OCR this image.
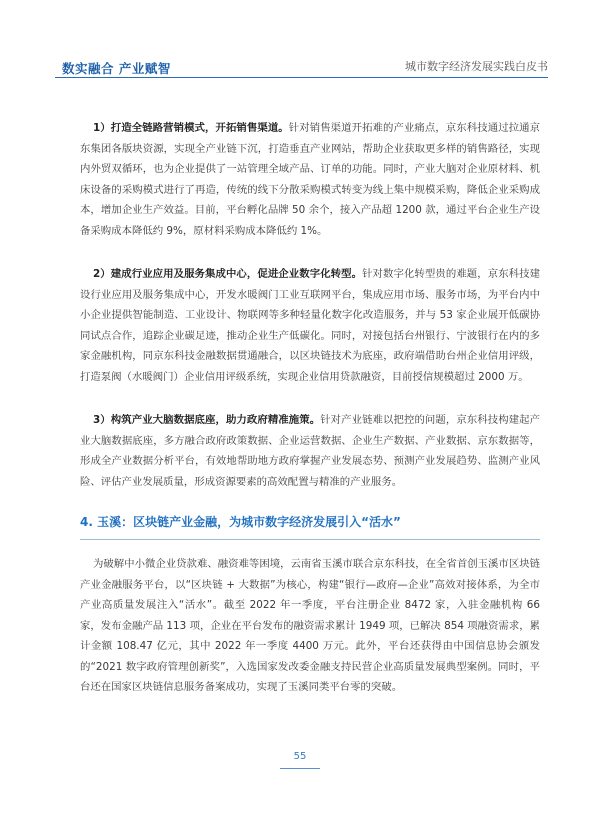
数实融合 产业赋智	城市数字经济发展实践白皮书

1）打造全链路营销模式，开拓销售渠道。针对销售渠道开拓难的产业痛点，京东科技通过拉通京东集团各版块资源，实现全产业链下沉，打造垂直产业网站，帮助企业获取更多样的销售路径，实现内外贸双循环，也为企业提供了一站管理全域产品、订单的功能。同时，产业大脑对企业原材料、机床设备的采购模式进行了再造，传统的线下分散采购模式转变为线上集中规模采购，降低企业采购成本，增加企业生产效益。目前，平台孵化品牌 50 余个，接入产品超 1200 款，通过平台企业生产设备采购成本降低约 9%，原材料采购成本降低约 1%。

2）建成行业应用及服务集成中心，促进企业数字化转型。针对数字化转型贵的难题，京东科技建设行业应用及服务集成中心，开发水暖阀门工业互联网平台，集成应用市场、服务市场，为平台内中小企业提供智能制造、工业设计、物联网等多种轻量化数字化改造服务，并与 53 家企业展开低碳协同试点合作，追踪企业碳足迹，推动企业生产低碳化。同时，对接包括台州银行、宁波银行在内的多家金融机构，同京东科技金融数据贯通融合，以区块链技术为底座，政府端借助台州企业信用评级，打造泵阀（水暖阀门）企业信用评级系统，实现企业信用贷款融资，目前授信规模超过 2000 万。

3）构筑产业大脑数据底座，助力政府精准施策。针对产业链难以把控的问题，京东科技构建起产业大脑数据底座，多方融合政府政策数据、企业运营数据、企业生产数据、产业数据、京东数据等，形成全产业数据分析平台，有效地帮助地方政府掌握产业发展态势、预测产业发展趋势、监测产业风险、评估产业发展质量，形成资源要素的高效配置与精准的产业服务。

4. 玉溪：区块链产业金融，为城市数字经济发展引入“活水”

为破解中小微企业贷款难、融资难等困境，云南省玉溪市联合京东科技，在全省首创玉溪市区块链产业金融服务平台，以“区块链 + 大数据”为核心，构建“银行—政府—企业”高效对接体系，为全市产业高质量发展注入“活水”。截至 2022 年一季度，平台注册企业 8472 家，入驻金融机构 66 家，发布金融产品 113 项，企业在平台发布的融资需求累计 1949 项，已解决 854 项融资需求，累计金额 108.47 亿元，其中 2022 年一季度 4400 万元。此外，平台还获得由中国信息协会颁发的“2021 数字政府管理创新奖”，入选国家发改委金融支持民营企业高质量发展典型案例。同时，平台还在国家区块链信息服务备案成功，实现了玉溪同类平台零的突破。

55
